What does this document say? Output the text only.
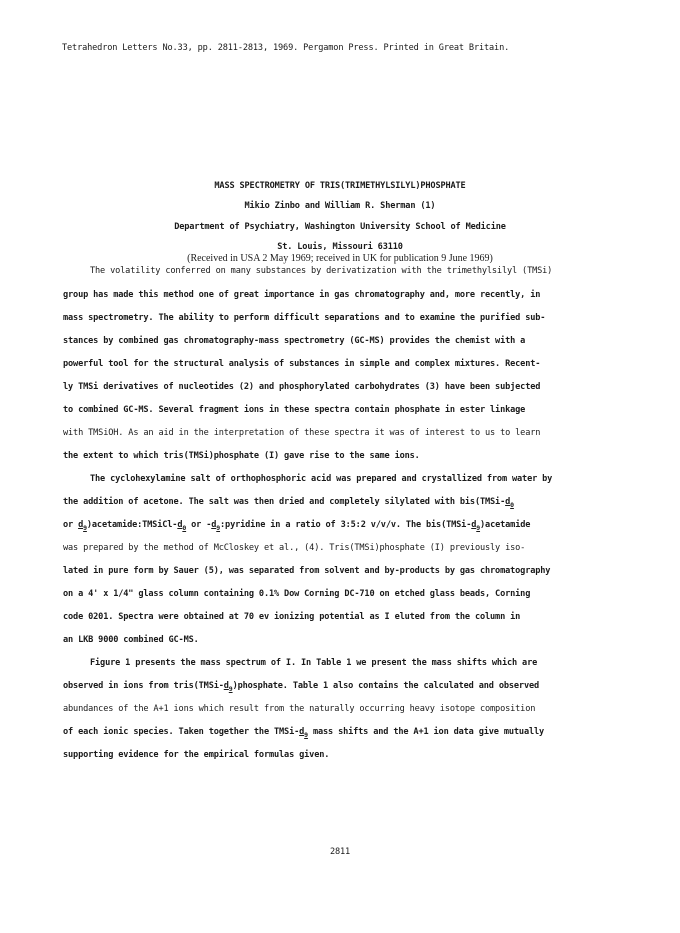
Tetrahedron Letters No.33, pp. 2811-2813, 1969. Pergamon Press. Printed in Great Britain.
MASS SPECTROMETRY OF TRIS(TRIMETHYLSILYL)PHOSPHATE
Mikio Zinbo and William R. Sherman (1)
Department of Psychiatry, Washington University School of Medicine
St. Louis, Missouri 63110
(Received in USA 2 May 1969; received in UK for publication 9 June 1969)
The volatility conferred on many substances by derivatization with the trimethylsilyl (TMSi)
group has made this method one of great importance in gas chromatography and, more recently, in
mass spectrometry. The ability to perform difficult separations and to examine the purified sub-
stances by combined gas chromatography-mass spectrometry (GC-MS) provides the chemist with a
powerful tool for the structural analysis of substances in simple and complex mixtures. Recent-
ly TMSi derivatives of nucleotides (2) and phosphorylated carbohydrates (3) have been subjected
to combined GC-MS. Several fragment ions in these spectra contain phosphate in ester linkage
with TMSiOH. As an aid in the interpretation of these spectra it was of interest to us to learn
the extent to which tris(TMSi)phosphate (I) gave rise to the same ions.
The cyclohexylamine salt of orthophosphoric acid was prepared and crystallized from water by
the addition of acetone. The salt was then dried and completely silylated with $bis(TMSi-d_0$
or $d_9)acetamide:TMSiCl-d_0$ or $-d_9:pyridine$ in a ratio of 3:5:2 v/v/v. The $bis(TMSi-d_9)acetamide$
was prepared by the method of McCloskey et al., (4). Tris(TMSi)phosphate (I) previously iso-
lated in pure form by Sauer (5), was separated from solvent and by-products by gas chromatography
on a 4' x 1/4" glass column containing 0.1% Dow Corning DC-710 on etched glass beads, Corning
code 0201. Spectra were obtained at 70 ev ionizing potential as I eluted from the column in
an LKB 9000 combined GC-MS.
Figure 1 presents the mass spectrum of I. In Table 1 we present the mass shifts which are
observed in ions from $tris(TMSi-d_9)phosphate$. Table 1 also contains the calculated and observed
abundances of the A+1 ions which result from the naturally occurring heavy isotope composition
of each ionic species. Taken together the TMSi-$d_9$ mass shifts and the A+1 ion data give mutually
supporting evidence for the empirical formulas given.
2811
